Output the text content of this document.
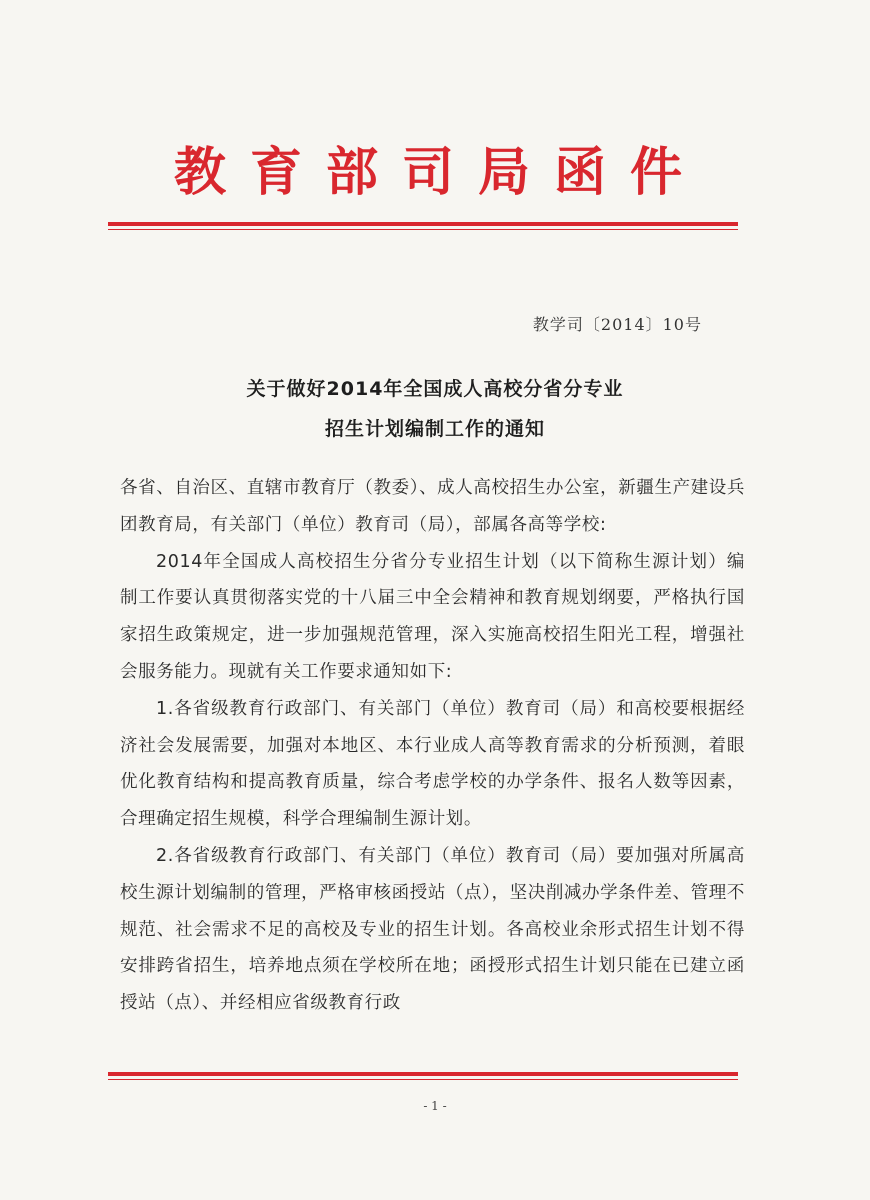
教育部司局函件
教学司〔2014〕10号
关于做好2014年全国成人高校分省分专业
招生计划编制工作的通知

各省、自治区、直辖市教育厅（教委）、成人高校招生办公室，新疆生产建设兵团教育局，有关部门（单位）教育司（局），部属各高等学校:

2014年全国成人高校招生分省分专业招生计划（以下简称生源计划）编制工作要认真贯彻落实党的十八届三中全会精神和教育规划纲要，严格执行国家招生政策规定，进一步加强规范管理，深入实施高校招生阳光工程，增强社会服务能力。现就有关工作要求通知如下:

1.各省级教育行政部门、有关部门（单位）教育司（局）和高校要根据经济社会发展需要，加强对本地区、本行业成人高等教育需求的分析预测，着眼优化教育结构和提高教育质量，综合考虑学校的办学条件、报名人数等因素，合理确定招生规模，科学合理编制生源计划。

2.各省级教育行政部门、有关部门（单位）教育司（局）要加强对所属高校生源计划编制的管理，严格审核函授站（点），坚决削减办学条件差、管理不规范、社会需求不足的高校及专业的招生计划。各高校业余形式招生计划不得安排跨省招生，培养地点须在学校所在地；函授形式招生计划只能在已建立函授站（点）、并经相应省级教育行政

- 1 -
